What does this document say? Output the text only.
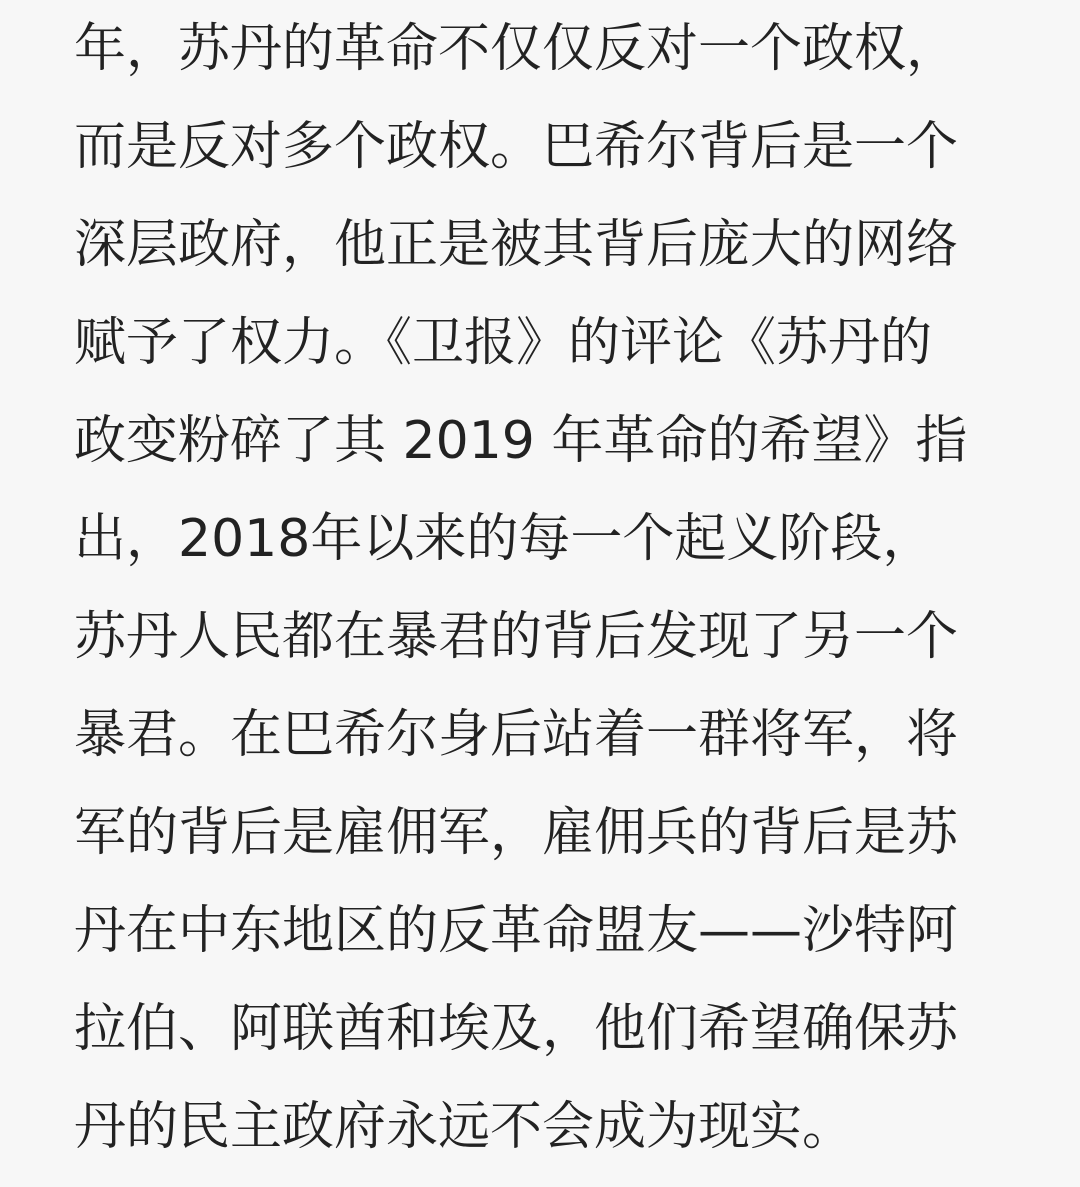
年，苏丹的革命不仅仅反对一个政权，
而是反对多个政权。巴希尔背后是一个
深层政府，他正是被其背后庞大的网络
赋予了权力。《卫报》的评论《苏丹的
政变粉碎了其 2019 年革命的希望》指
出，2018年以来的每一个起义阶段，
苏丹人民都在暴君的背后发现了另一个
暴君。在巴希尔身后站着一群将军，将
军的背后是雇佣军，雇佣兵的背后是苏
丹在中东地区的反革命盟友——沙特阿
拉伯、阿联酋和埃及，他们希望确保苏
丹的民主政府永远不会成为现实。
